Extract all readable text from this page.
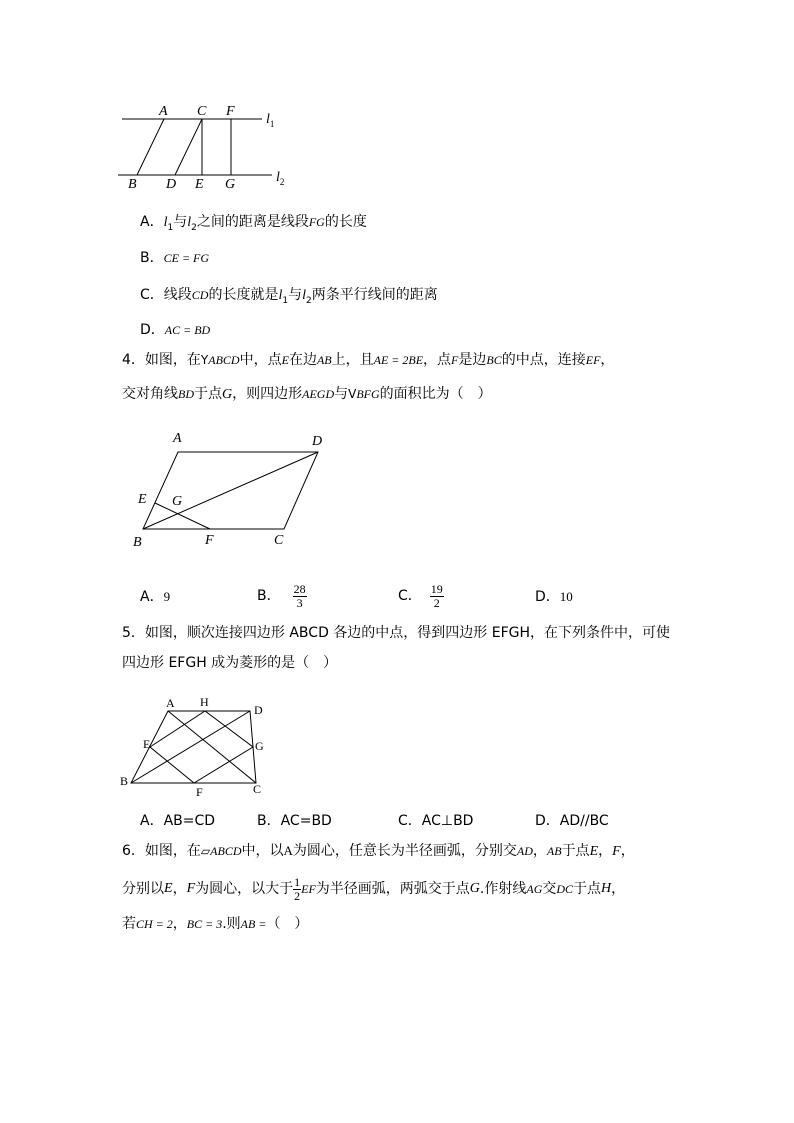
A C F
B D E G
$l_1$
$l_2$
A．$l_1$与$l_2$之间的距离是线段FG的长度
B．CE = FG
C．线段CD的长度就是$l_1$与$l_2$两条平行线间的距离
D．AC = BD
4．如图，在YABCD中，点E在边AB上，且AE = 2BE，点F是边BC的中点，连接EF，
交对角线BD于点G，则四边形AEGD与VBFG的面积比为（　）
A	D
E G
B	F	C
A．9	B． $\frac{28}{3}$	C． $\frac{19}{2}$	D．10
5．如图，顺次连接四边形 ABCD 各边的中点，得到四边形 EFGH，在下列条件中，可使
四边形 EFGH 成为菱形的是（　）
A H
D
E	G
B
F	C
A．AB=CD	B．AC=BD	C．AC⊥BD	D．AD//BC
6．如图，在▱ABCD中，以A为圆心，任意长为半径画弧，分别交AD，AB于点E，F，
分别以 E ， F 为圆心，以大于 $\frac{1}{2}$ EF 为半径画弧，两弧交于点 G .作射线 AG 交 DC 于点 H ，
若CH = 2，BC = 3.则AB =（　）
